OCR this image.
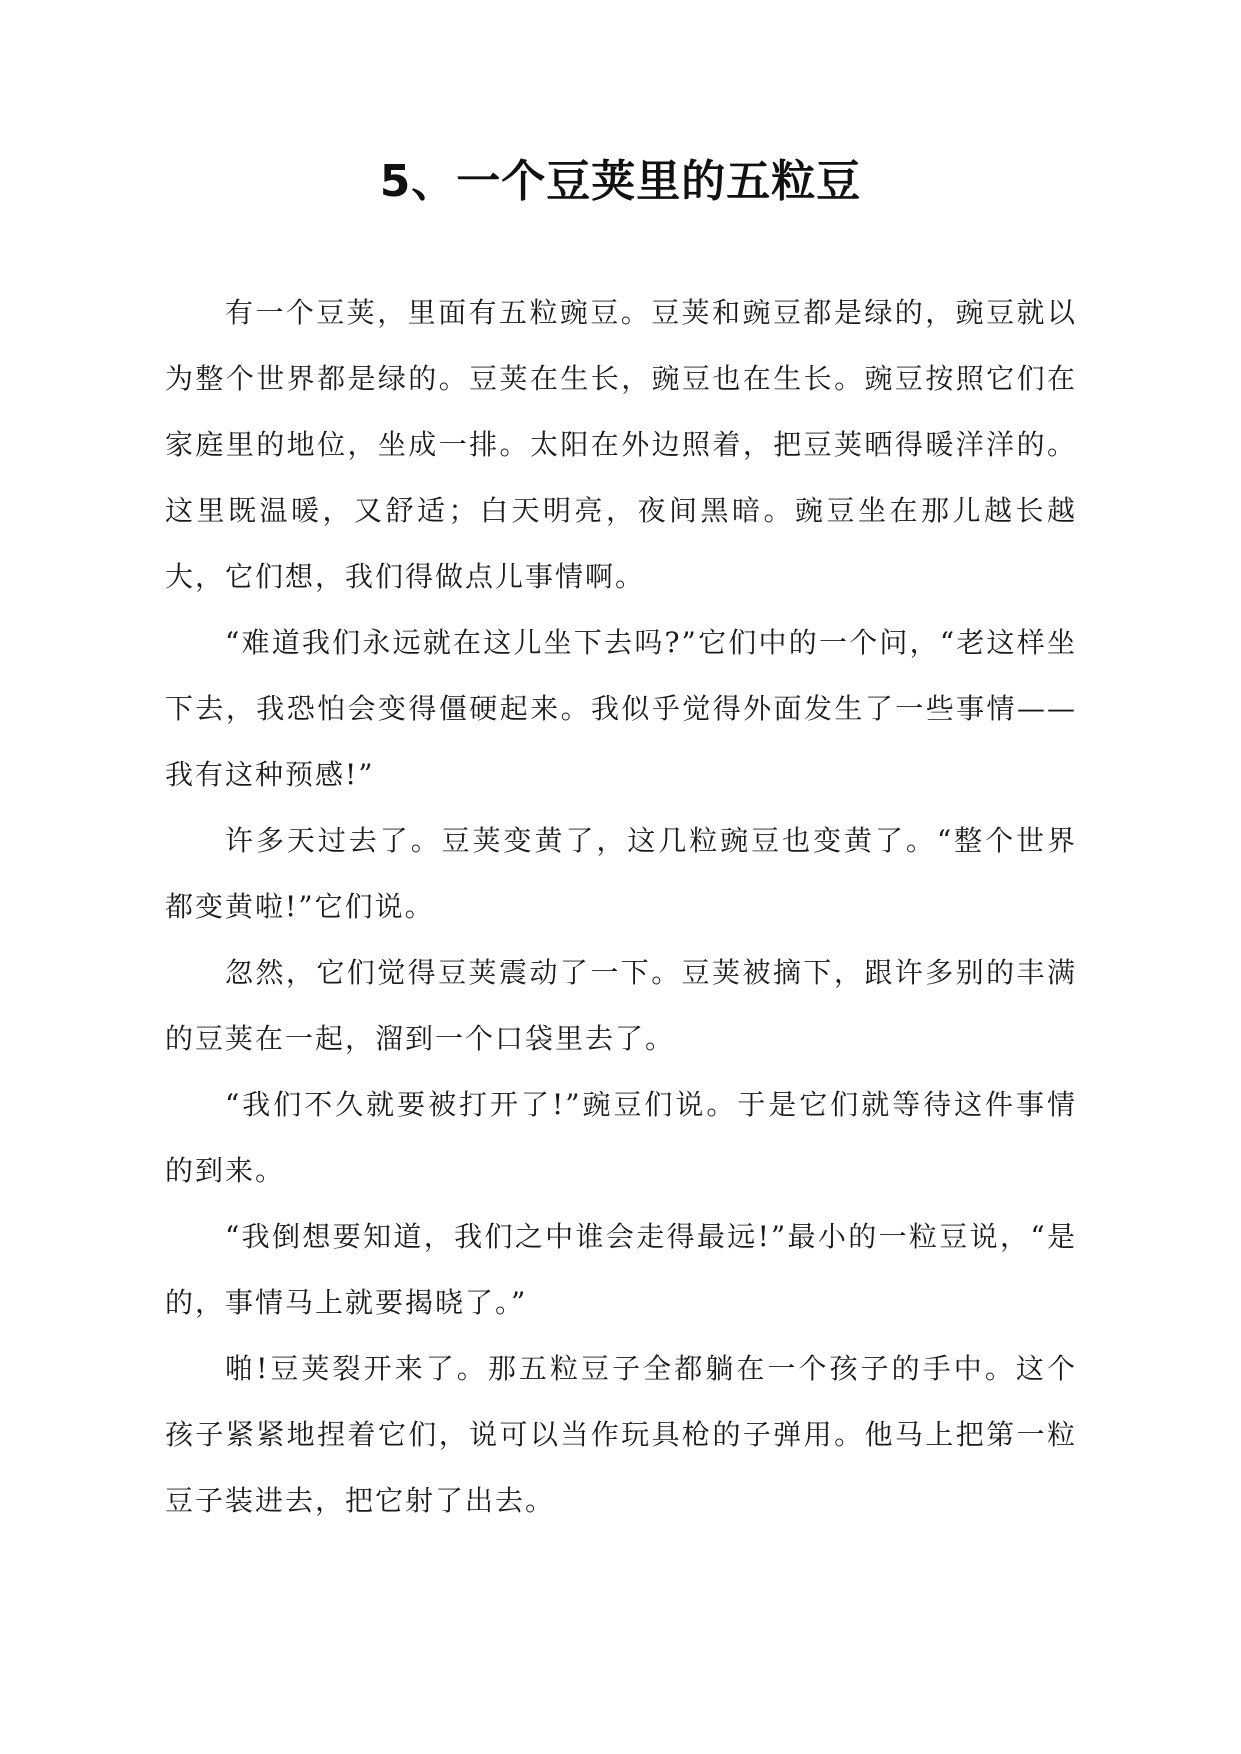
5、一个豆荚里的五粒豆

有一个豆荚，里面有五粒豌豆。豆荚和豌豆都是绿的，豌豆就以为整个世界都是绿的。豆荚在生长，豌豆也在生长。豌豆按照它们在家庭里的地位，坐成一排。太阳在外边照着，把豆荚晒得暖洋洋的。这里既温暖，又舒适；白天明亮，夜间黑暗。豌豆坐在那儿越长越大，它们想，我们得做点儿事情啊。

“难道我们永远就在这儿坐下去吗?”它们中的一个问，“老这样坐下去，我恐怕会变得僵硬起来。我似乎觉得外面发生了一些事情——我有这种预感!”

许多天过去了。豆荚变黄了，这几粒豌豆也变黄了。“整个世界都变黄啦!”它们说。

忽然，它们觉得豆荚震动了一下。豆荚被摘下，跟许多别的丰满的豆荚在一起，溜到一个口袋里去了。

“我们不久就要被打开了!”豌豆们说。于是它们就等待这件事情的到来。

“我倒想要知道，我们之中谁会走得最远!”最小的一粒豆说，“是的，事情马上就要揭晓了。”

啪!豆荚裂开来了。那五粒豆子全都躺在一个孩子的手中。这个孩子紧紧地捏着它们，说可以当作玩具枪的子弹用。他马上把第一粒豆子装进去，把它射了出去。
